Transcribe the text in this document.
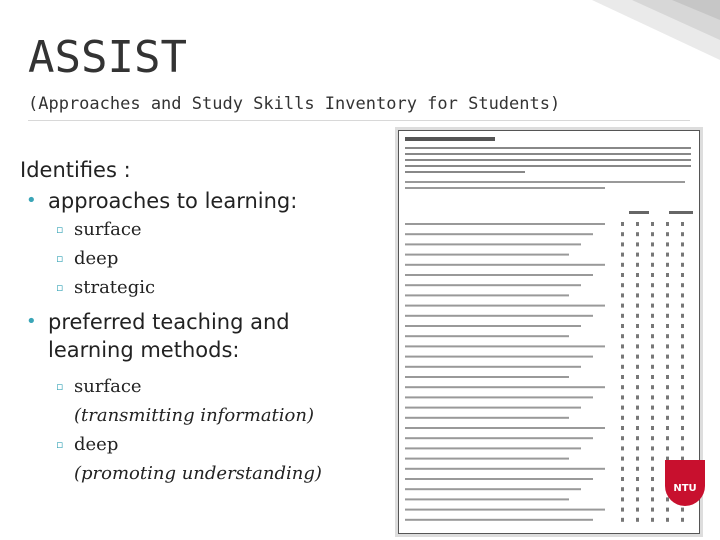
ASSIST
(Approaches and Study Skills Inventory for Students)
Identifies :
• approaches to learning:
▫ surface
▫ deep
▫ strategic
• preferred teaching and learning methods:
▫ surface
(transmitting information)
▫ deep
(promoting understanding)
NTU
